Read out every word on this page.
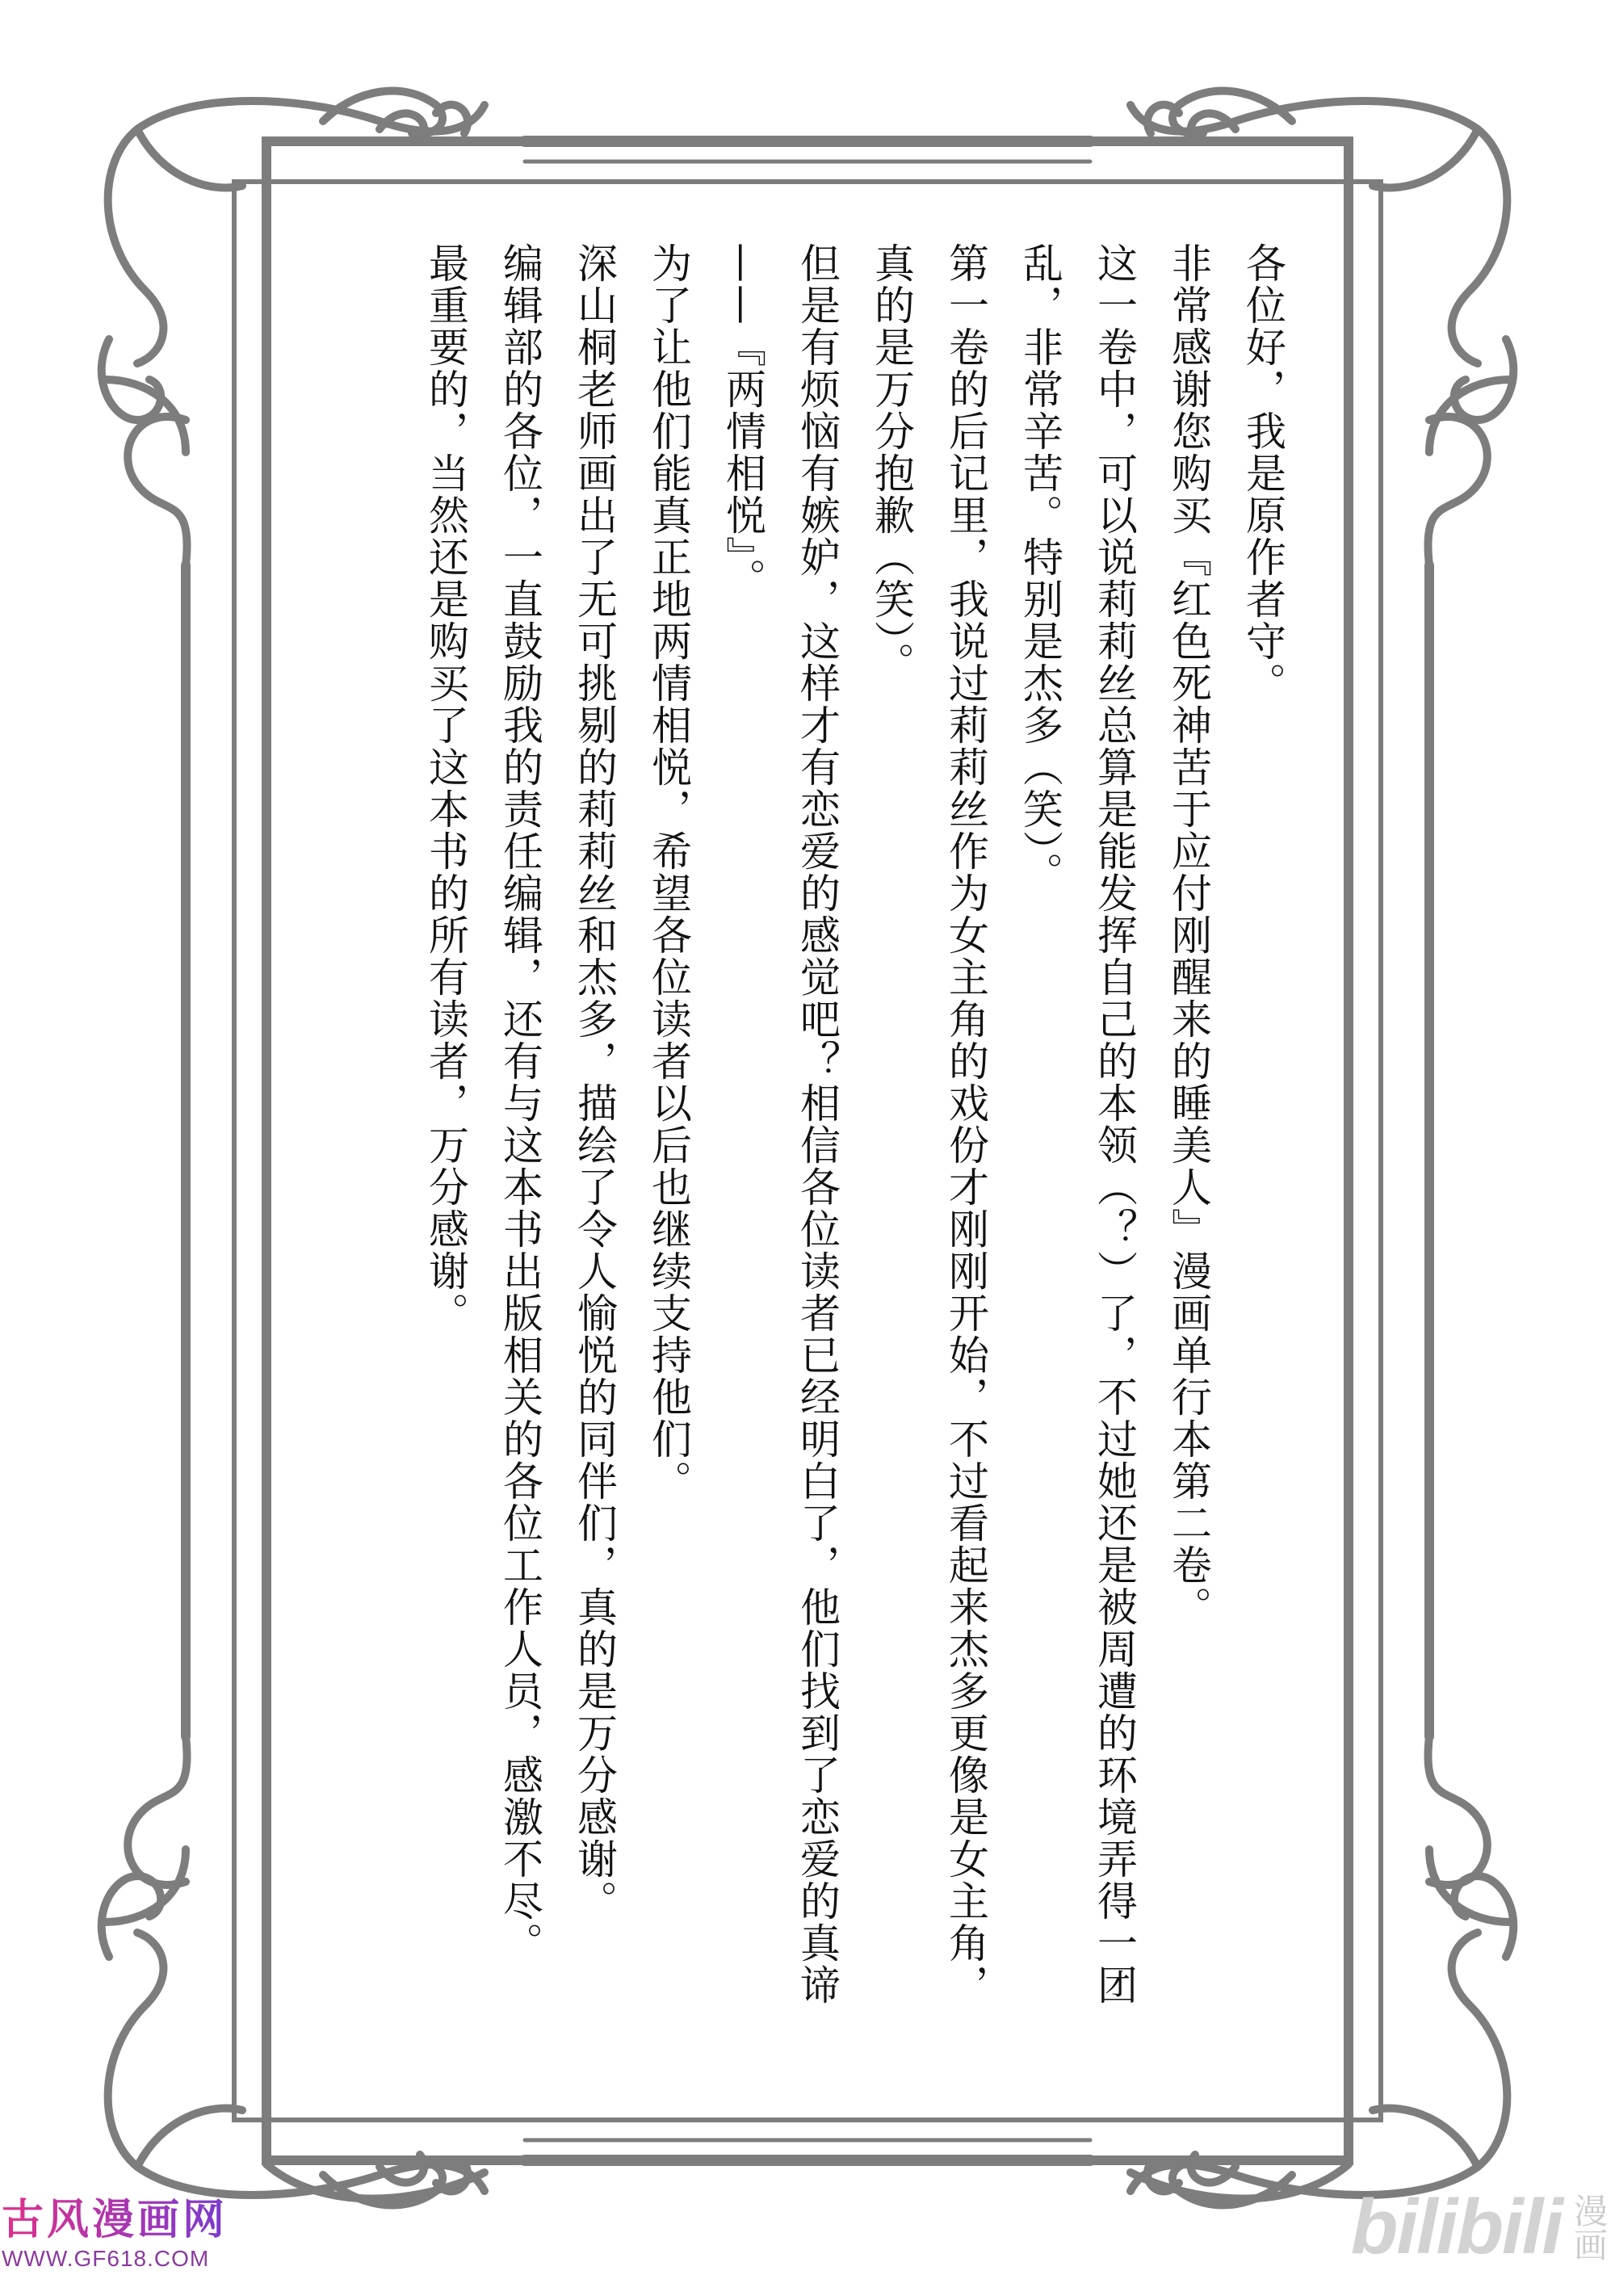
各位好，我是原作者守。

非常感谢您购买『红色死神苦于应付刚醒来的睡美人』漫画单行本第二卷。

这一卷中，可以说莉莉丝总算是能发挥自己的本领（？）了，不过她还是被周遭的环境弄得一团乱，非常辛苦。特别是杰多（笑）。

第一卷的后记里，我说过莉莉丝作为女主角的戏份才刚刚开始，不过看起来杰多更像是女主角，真的是万分抱歉（笑）。

但是有烦恼有嫉妒，这样才有恋爱的感觉吧？相信各位读者已经明白了，他们找到了恋爱的真谛——『两情相悦』。

为了让他们能真正地两情相悦，希望各位读者以后也继续支持他们。

深山桐老师画出了无可挑剔的莉莉丝和杰多，描绘了令人愉悦的同伴们，真的是万分感谢。

编辑部的各位，一直鼓励我的责任编辑，还有与这本书出版相关的各位工作人员，感激不尽。

最重要的，当然还是购买了这本书的所有读者，万分感谢。

古风漫画网
WWW.GF618.COM	bilibili 漫画
